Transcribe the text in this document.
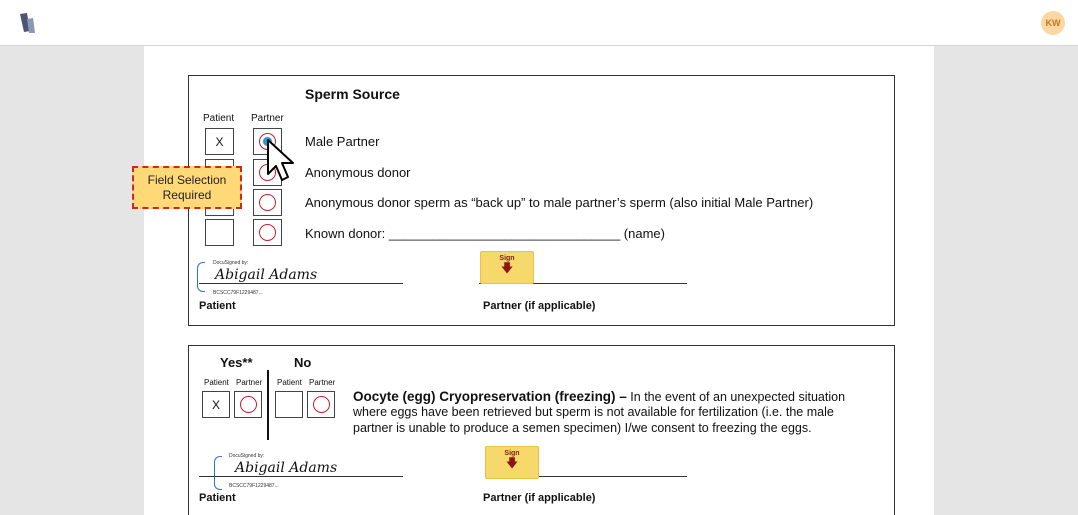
KW
Sperm Source
Patient Partner
X	Male Partner
Anonymous donor
Anonymous donor sperm as “back up” to male partner’s sperm (also initial Male Partner)
Known donor: ________________________________ (name)
DocuSigned by:
Abigail Adams
BCSCC79F1229487...
Patient
Sign
🡇
Partner (if applicable)
Yes**	No
Patient Partner Patient Partner
X
Oocyte (egg) Cryopreservation (freezing) – In the event of an unexpected situation
where eggs have been retrieved but sperm is not available for fertilization (i.e. the male
partner is unable to produce a semen specimen) I/we consent to freezing the eggs.
DocuSigned by:
Abigail Adams
BCSCC79F1229487...
Patient
Sign
🡇
Partner (if applicable)
Field Selection Required
